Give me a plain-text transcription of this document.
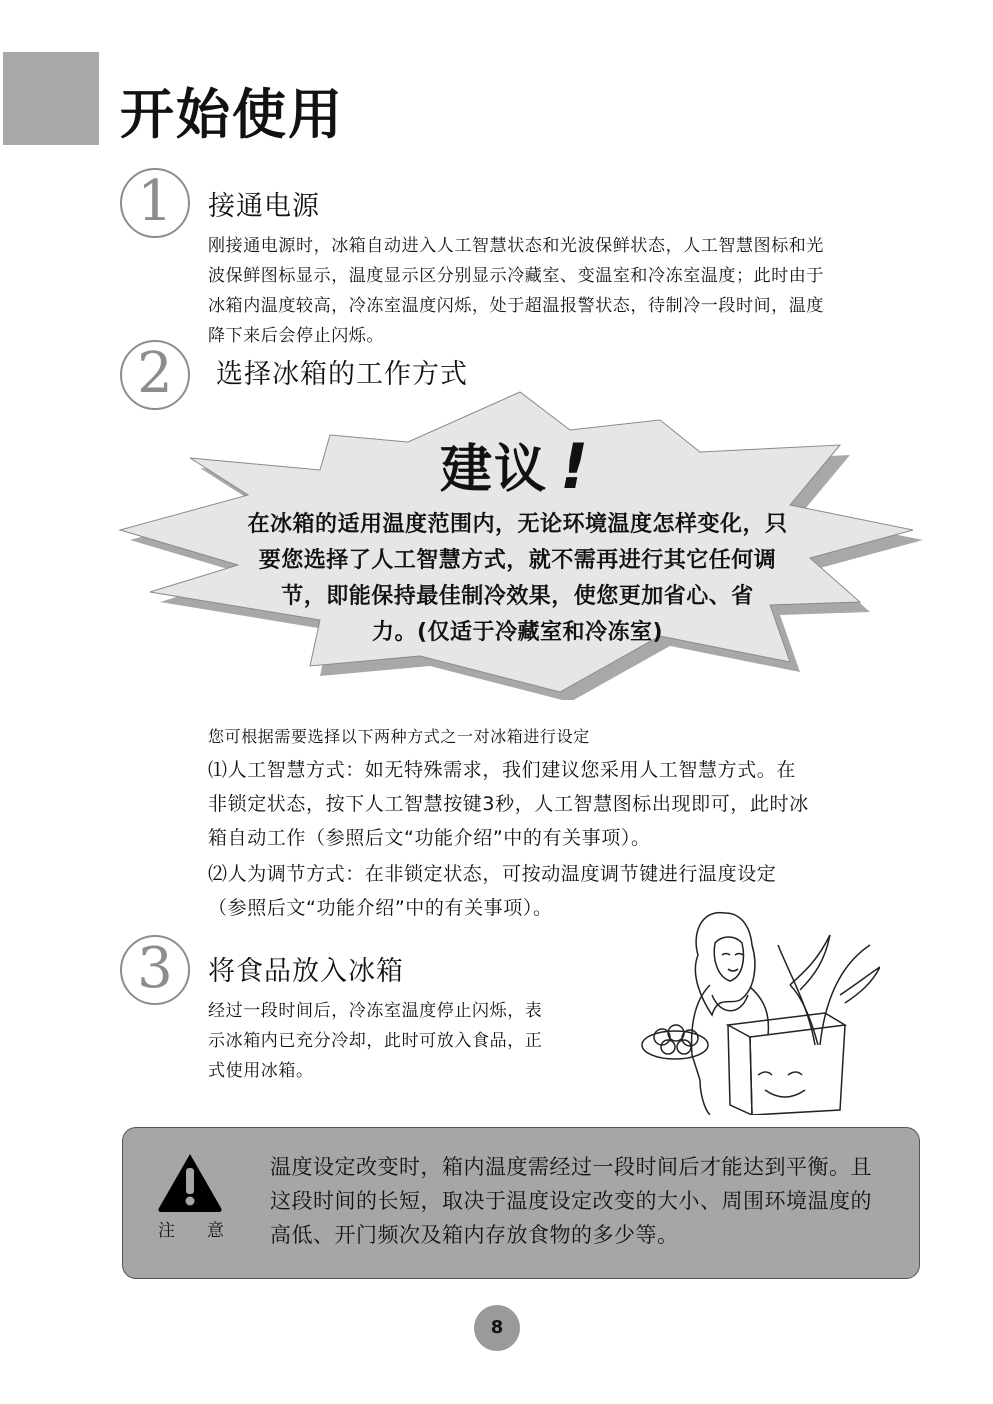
开始使用
1	接通电源
刚接通电源时，冰箱自动进入人工智慧状态和光波保鲜状态，人工智慧图标和光
波保鲜图标显示，温度显示区分别显示冷藏室、变温室和冷冻室温度；此时由于
冰箱内温度较高，冷冻室温度闪烁，处于超温报警状态，待制冷一段时间，温度
降下来后会停止闪烁。
2	选择冰箱的工作方式
建议 !
在冰箱的适用温度范围内，无论环境温度怎样变化，只
要您选择了人工智慧方式，就不需再进行其它任何调
节，即能保持最佳制冷效果，使您更加省心、省
力。(仅适于冷藏室和冷冻室)
您可根据需要选择以下两种方式之一对冰箱进行设定
⑴人工智慧方式：如无特殊需求，我们建议您采用人工智慧方式。在
非锁定状态，按下人工智慧按键3秒，人工智慧图标出现即可，此时冰
箱自动工作（参照后文“功能介绍”中的有关事项）。
⑵人为调节方式：在非锁定状态，可按动温度调节键进行温度设定
（参照后文“功能介绍”中的有关事项）。
3	将食品放入冰箱
经过一段时间后，冷冻室温度停止闪烁，表
示冰箱内已充分冷却，此时可放入食品，正
式使用冰箱。
注 意
温度设定改变时，箱内温度需经过一段时间后才能达到平衡。且
这段时间的长短，取决于温度设定改变的大小、周围环境温度的
高低、开门频次及箱内存放食物的多少等。
8
